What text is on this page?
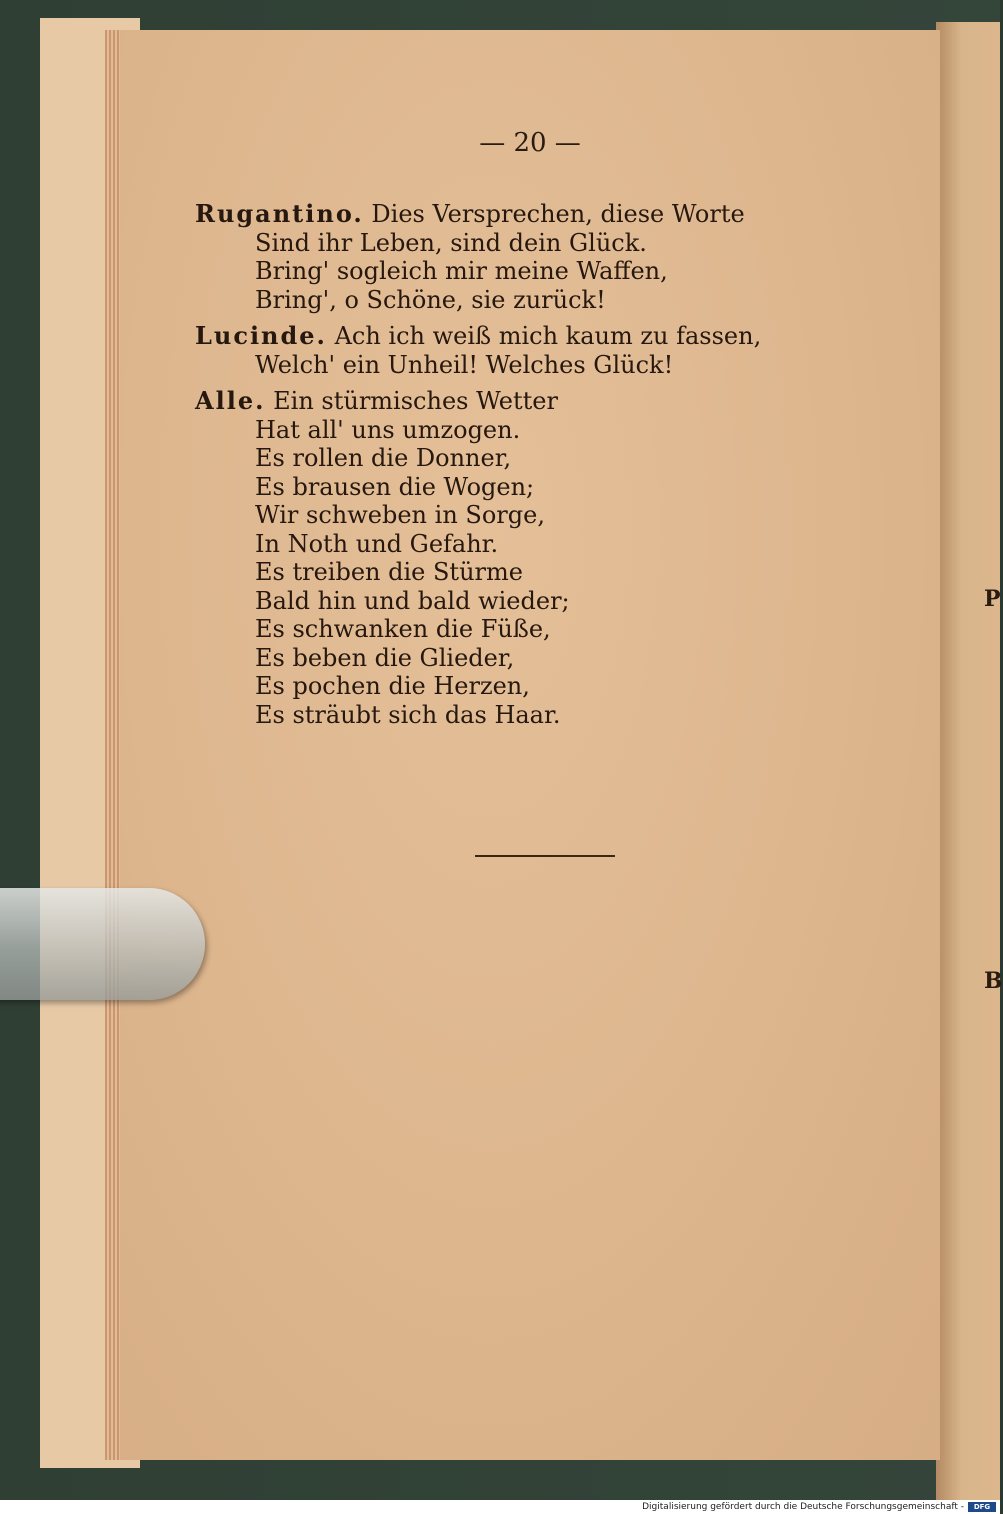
P
B
— 20 —
Rugantino. Dies Versprechen, diese Worte
Sind ihr Leben, sind dein Glück.
Bring' sogleich mir meine Waffen,
Bring', o Schöne, sie zurück!
Lucinde. Ach ich weiß mich kaum zu fassen,
Welch' ein Unheil! Welches Glück!
Alle. Ein stürmisches Wetter
Hat all' uns umzogen.
Es rollen die Donner,
Es brausen die Wogen;
Wir schweben in Sorge,
In Noth und Gefahr.
Es treiben die Stürme
Bald hin und bald wieder;
Es schwanken die Füße,
Es beben die Glieder,
Es pochen die Herzen,
Es sträubt sich das Haar.
Digitalisierung gefördert durch die Deutsche Forschungsgemeinschaft -	DFG
